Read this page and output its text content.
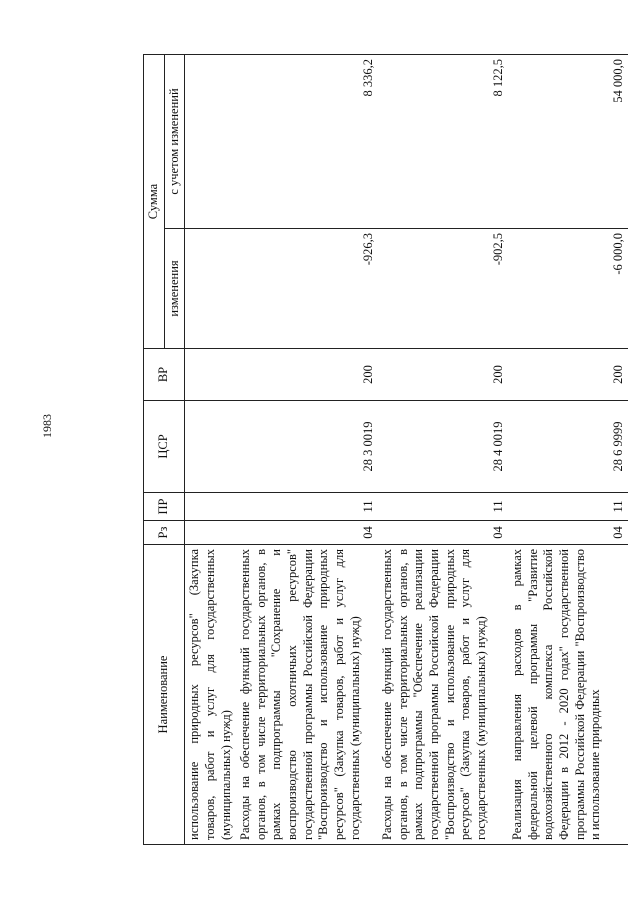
1983
Наименование	Рз	ПР	ЦСР	ВР	Сумма	
					изменения	с учетом изменений
использование природных ресурсов" (Закупка товаров, работ и услуг для государственных (муниципальных) нужд)						
Расходы на обеспечение функций государственных органов, в том числе территориальных органов, в рамках подпрограммы "Сохранение и воспроизводство охотничьих ресурсов" государственной программы Российской Федерации "Воспроизводство и использование природных ресурсов" (Закупка товаров, работ и услуг для государственных (муниципальных) нужд)	04	11	28 3 0019	200	-926,3	8 336,2
Расходы на обеспечение функций государственных органов, в том числе территориальных органов, в рамках подпрограммы "Обеспечение реализации государственной программы Российской Федерации "Воспроизводство и использование природных ресурсов" (Закупка товаров, работ и услуг для государственных (муниципальных) нужд)	04	11	28 4 0019	200	-902,5	8 122,5
Реализация направления расходов в рамках федеральной целевой программы "Развитие водохозяйственного комплекса Российской Федерации в 2012 - 2020 годах" государственной программы Российской Федерации "Воспроизводство и использование природных	04	11	28 6 9999	200	-6 000,0	54 000,0
